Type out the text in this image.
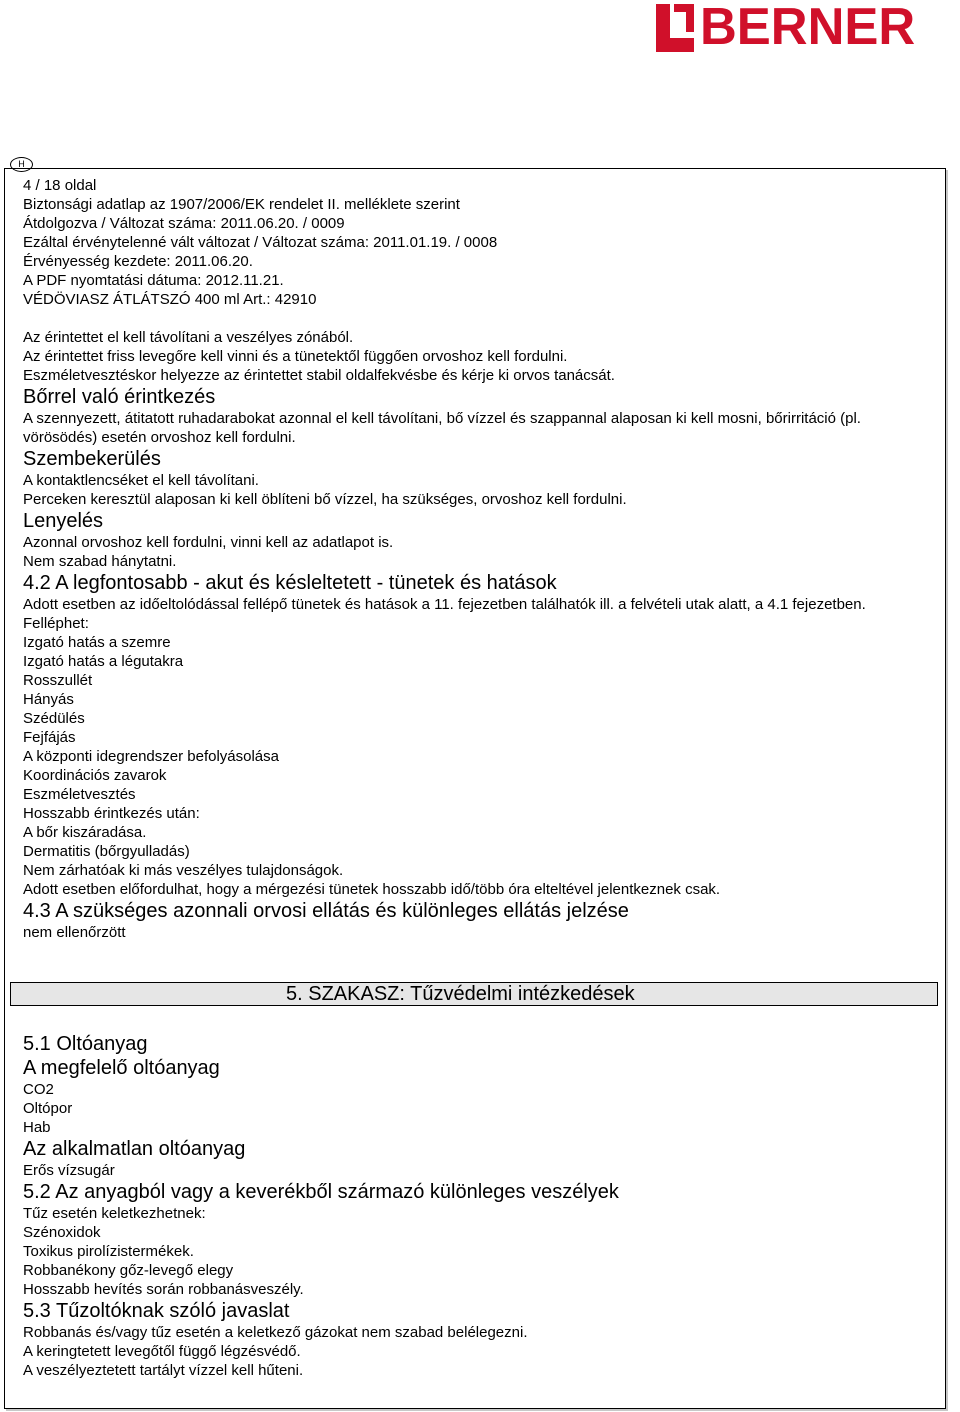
BERNER
H
4 / 18 oldal
Biztonsági adatlap az 1907/2006/EK rendelet II. melléklete szerint
Átdolgozva / Változat száma: 2011.06.20. / 0009
Ezáltal érvénytelenné vált változat / Változat száma: 2011.01.19. / 0008
Érvényesség kezdete: 2011.06.20.
A PDF nyomtatási dátuma: 2012.11.21.
VÉDÖVIASZ ÁTLÁTSZÓ 400 ml Art.: 42910
Az érintettet el kell távolítani a veszélyes zónából.
Az érintettet friss levegőre kell vinni és a tünetektől függően orvoshoz kell fordulni.
Eszméletvesztéskor helyezze az érintettet stabil oldalfekvésbe és kérje ki orvos tanácsát.
Bőrrel való érintkezés
A szennyezett, átitatott ruhadarabokat azonnal el kell távolítani, bő vízzel és szappannal alaposan ki kell mosni, bőrirritáció (pl. vörösödés) esetén orvoshoz kell fordulni.
Szembekerülés
A kontaktlencséket el kell távolítani.
Perceken keresztül alaposan ki kell öblíteni bő vízzel, ha szükséges, orvoshoz kell fordulni.
Lenyelés
Azonnal orvoshoz kell fordulni, vinni kell az adatlapot is.
Nem szabad hánytatni.
4.2 A legfontosabb - akut és késleltetett - tünetek és hatások
Adott esetben az időeltolódással fellépő tünetek és hatások a 11. fejezetben találhatók ill. a felvételi utak alatt, a 4.1 fejezetben.
Felléphet:
Izgató hatás a szemre
Izgató hatás a légutakra
Rosszullét
Hányás
Szédülés
Fejfájás
A központi idegrendszer befolyásolása
Koordinációs zavarok
Eszméletvesztés
Hosszabb érintkezés után:
A bőr kiszáradása.
Dermatitis (bőrgyulladás)
Nem zárhatóak ki más veszélyes tulajdonságok.
Adott esetben előfordulhat, hogy a mérgezési tünetek hosszabb idő/több óra elteltével jelentkeznek csak.
4.3 A szükséges azonnali orvosi ellátás és különleges ellátás jelzése
nem ellenőrzött
5. SZAKASZ: Tűzvédelmi intézkedések
5.1 Oltóanyag
A megfelelő oltóanyag
CO2
Oltópor
Hab
Az alkalmatlan oltóanyag
Erős vízsugár
5.2 Az anyagból vagy a keverékből származó különleges veszélyek
Tűz esetén keletkezhetnek:
Szénoxidok
Toxikus pirolízistermékek.
Robbanékony gőz-levegő elegy
Hosszabb hevítés során robbanásveszély.
5.3 Tűzoltóknak szóló javaslat
Robbanás és/vagy tűz esetén a keletkező gázokat nem szabad belélegezni.
A keringtetett levegőtől függő légzésvédő.
A veszélyeztetett tartályt vízzel kell hűteni.
